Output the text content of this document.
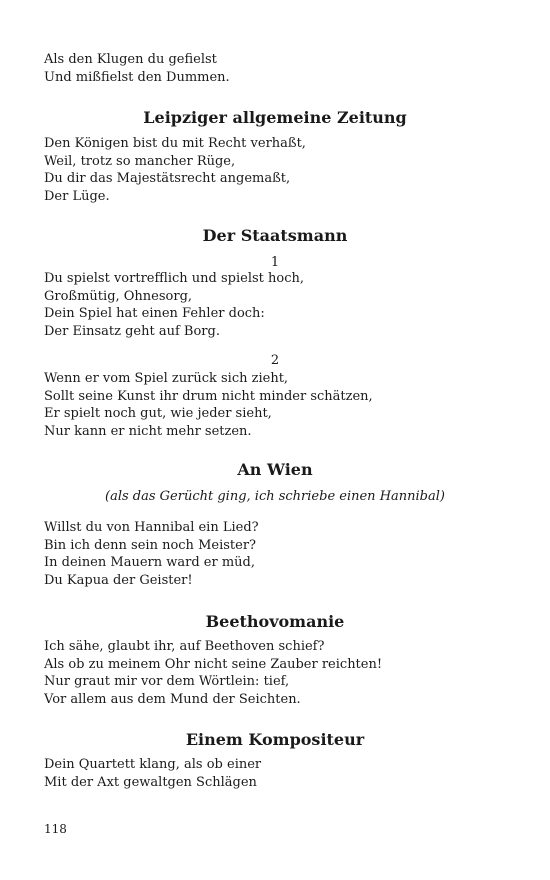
Als den Klugen du gefielst
Und mißfielst den Dummen.
Leipziger allgemeine Zeitung
Den Königen bist du mit Recht verhaßt,
Weil, trotz so mancher Rüge,
Du dir das Majestätsrecht angemaßt,
Der Lüge.
Der Staatsmann
1
Du spielst vortrefflich und spielst hoch,
Großmütig, Ohnesorg,
Dein Spiel hat einen Fehler doch:
Der Einsatz geht auf Borg.
2
Wenn er vom Spiel zurück sich zieht,
Sollt seine Kunst ihr drum nicht minder schätzen,
Er spielt noch gut, wie jeder sieht,
Nur kann er nicht mehr setzen.
An Wien
(als das Gerücht ging, ich schriebe einen Hannibal)
Willst du von Hannibal ein Lied?
Bin ich denn sein noch Meister?
In deinen Mauern ward er müd,
Du Kapua der Geister!
Beethovomanie
Ich sähe, glaubt ihr, auf Beethoven schief?
Als ob zu meinem Ohr nicht seine Zauber reichten!
Nur graut mir vor dem Wörtlein: tief,
Vor allem aus dem Mund der Seichten.
Einem Kompositeur
Dein Quartett klang, als ob einer
Mit der Axt gewaltgen Schlägen
118
